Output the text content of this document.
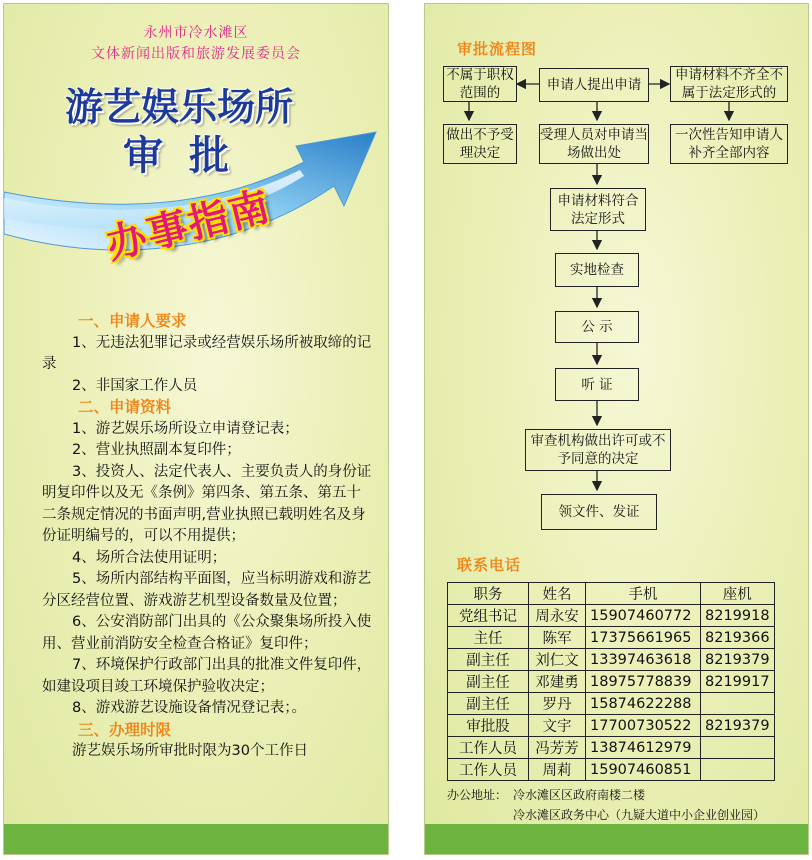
永州市冷水滩区
文体新闻出版和旅游发展委员会
游艺娱乐场所
审 批
办事指南

一、申请人要求

1、无违法犯罪记录或经营娱乐场所被取缔的记录

2、非国家工作人员

二、申请资料

1、游艺娱乐场所设立申请登记表；

2、营业执照副本复印件；

3、投资人、法定代表人、主要负责人的身份证明复印件以及无《条例》第四条、第五条、第五十二条规定情况的书面声明,营业执照已载明姓名及身份证明编号的，可以不用提供；

4、场所合法使用证明；

5、场所内部结构平面图，应当标明游戏和游艺分区经营位置、游戏游艺机型设备数量及位置；

6、公安消防部门出具的《公众聚集场所投入使用、营业前消防安全检查合格证》复印件；

7、环境保护行政部门出具的批准文件复印件，如建设项目竣工环境保护验收决定；

8、游戏游艺设施设备情况登记表；。

三、办理时限

游艺娱乐场所审批时限为30个工作日

审批流程图
不属于职权范围的	申请人提出申请
申请材料不齐全不属于法定形式的
做出不予受理决定
受理人员对申请当场做出处
一次性告知申请人补齐全部内容
申请材料符合法定形式
实地检查
公 示
听 证
审查机构做出许可或不予同意的决定
领文件、发证
联系电话
职务	姓名	手机	座机
党组书记	周永安	15907460772	8219918
主任	陈军	17375661965	8219366
副主任	刘仁文	13397463618	8219379
副主任	邓建勇	18975778839	8219917
副主任	罗丹	15874622288	
审批股	文宇	17700730522	8219379
工作人员	冯芳芳	13874612979	
工作人员	周莉	15907460851	
办公地址： 冷水滩区区政府南楼二楼
冷水滩区政务中心（九疑大道中小企业创业园）
